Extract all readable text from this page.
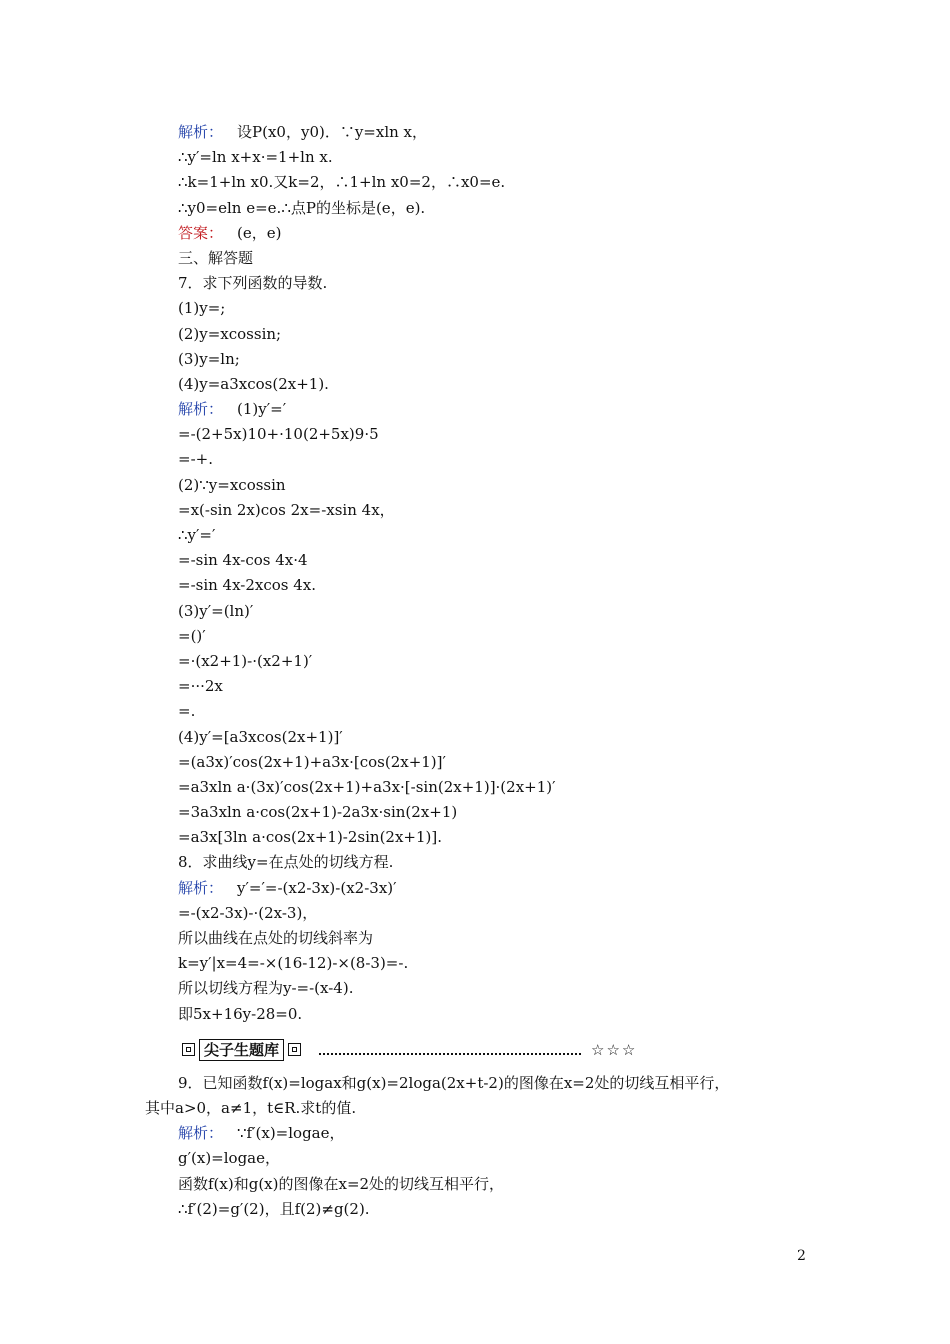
解析： 设P(x0，y0)．∵y=xln x，
∴y′=ln x+x·=1+ln x.
∴k=1+ln x0.又k=2，∴1+ln x0=2，∴x0=e.
∴y0=eln e=e.∴点P的坐标是(e，e).
答案： (e，e)
三、解答题
7．求下列函数的导数.
(1)y=;
(2)y=xcossin;
(3)y=ln;
(4)y=a3xcos(2x+1).
解析： (1)y′=′
=-(2+5x)10+·10(2+5x)9·5
=-+.
(2)∵y=xcossin
=x(-sin 2x)cos 2x=-xsin 4x，
∴y′=′
=-sin 4x-cos 4x·4
=-sin 4x-2xcos 4x.
(3)y′=(ln)′
=()′
=·(x2+1)-·(x2+1)′
=···2x
=.
(4)y′=[a3xcos(2x+1)]′
=(a3x)′cos(2x+1)+a3x·[cos(2x+1)]′
=a3xln a·(3x)′cos(2x+1)+a3x·[-sin(2x+1)]·(2x+1)′
=3a3xln a·cos(2x+1)-2a3x·sin(2x+1)
=a3x[3ln a·cos(2x+1)-2sin(2x+1)].
8．求曲线y=在点处的切线方程.
解析： y′=′=-(x2-3x)-(x2-3x)′
=-(x2-3x)-·(2x-3)，
所以曲线在点处的切线斜率为
k=y′|x=4=-×(16-12)-×(8-3)=-.
所以切线方程为y-=-(x-4).
即5x+16y-28=0.
尖子生题库	☆☆☆
9．已知函数f(x)=logax和g(x)=2loga(2x+t-2)的图像在x=2处的切线互相平行，
其中a>0，a≠1，t∈R.求t的值.
解析： ∵f′(x)=logae，
g′(x)=logae，
函数f(x)和g(x)的图像在x=2处的切线互相平行，
∴f′(2)=g′(2)，且f(2)≠g(2).
2
